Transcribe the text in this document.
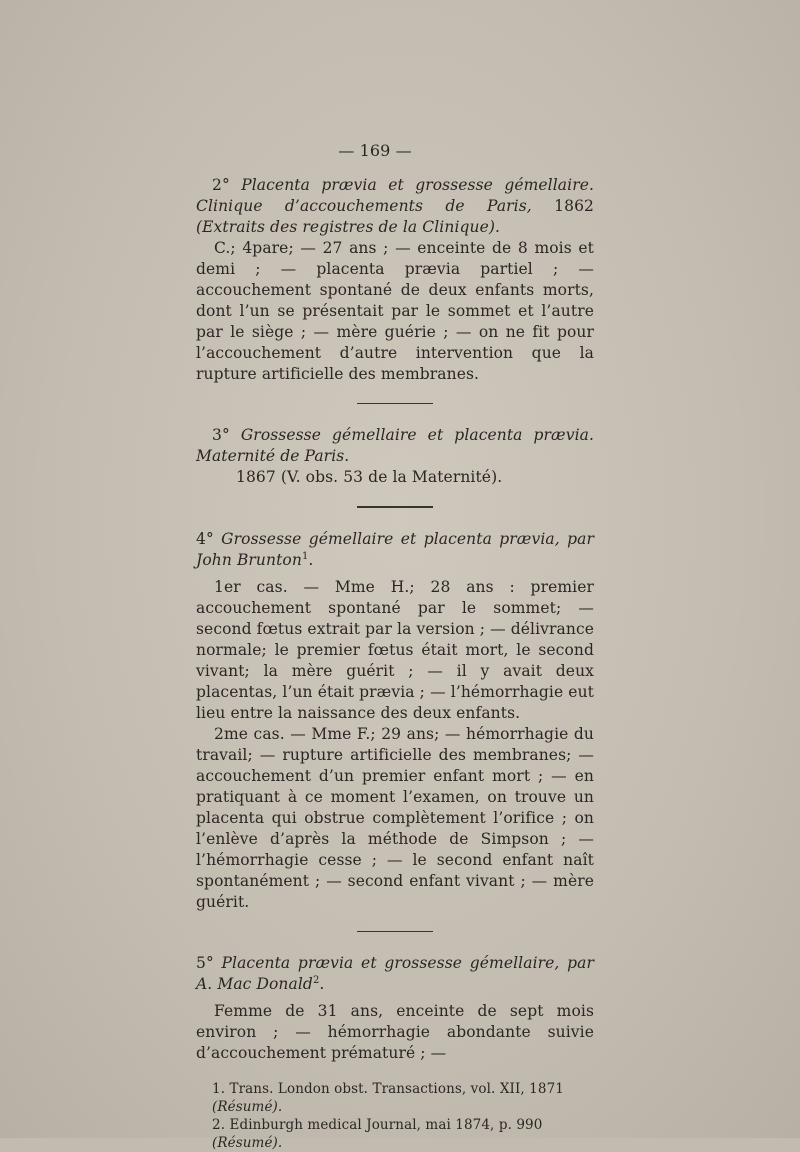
— 169 —

2° Placenta prævia et grossesse gémellaire. Clinique d’accouchements de Paris, 1862 (Extraits des registres de la Clinique).

C.; 4pare; — 27 ans ; — enceinte de 8 mois et demi ; — placenta prævia partiel ; — accouchement spontané de deux enfants morts, dont l’un se présentait par le sommet et l’autre par le siège ; — mère guérie ; — on ne fit pour l’accouchement d’autre intervention que la rupture artificielle des membranes.

3° Grossesse gémellaire et placenta prævia. Maternité de Paris.

1867 (V. obs. 53 de la Maternité).

4° Grossesse gémellaire et placenta prævia, par John Brunton$^1$.

1er cas. — Mme H.; 28 ans : premier accouchement spontané par le sommet; — second fœtus extrait par la version ; — délivrance normale; le premier fœtus était mort, le second vivant; la mère guérit ; — il y avait deux placentas, l’un était prævia ; — l’hémorrhagie eut lieu entre la naissance des deux enfants.

2me cas. — Mme F.; 29 ans; — hémorrhagie du travail; — rupture artificielle des membranes; — accouchement d’un premier enfant mort ; — en pratiquant à ce moment l’examen, on trouve un placenta qui obstrue complètement l’orifice ; on l’enlève d’après la méthode de Simpson ; — l’hémorrhagie cesse ; — le second enfant naît spontanément ; — second enfant vivant ; — mère guérit.

5° Placenta prævia et grossesse gémellaire, par A. Mac Donald$^2$.

Femme de 31 ans, enceinte de sept mois environ ; — hémorrhagie abondante suivie d’accouchement prématuré ; —

1. Trans. London obst. Transactions, vol. XII, 1871 (Résumé).

2. Edinburgh medical Journal, mai 1874, p. 990 (Résumé).
